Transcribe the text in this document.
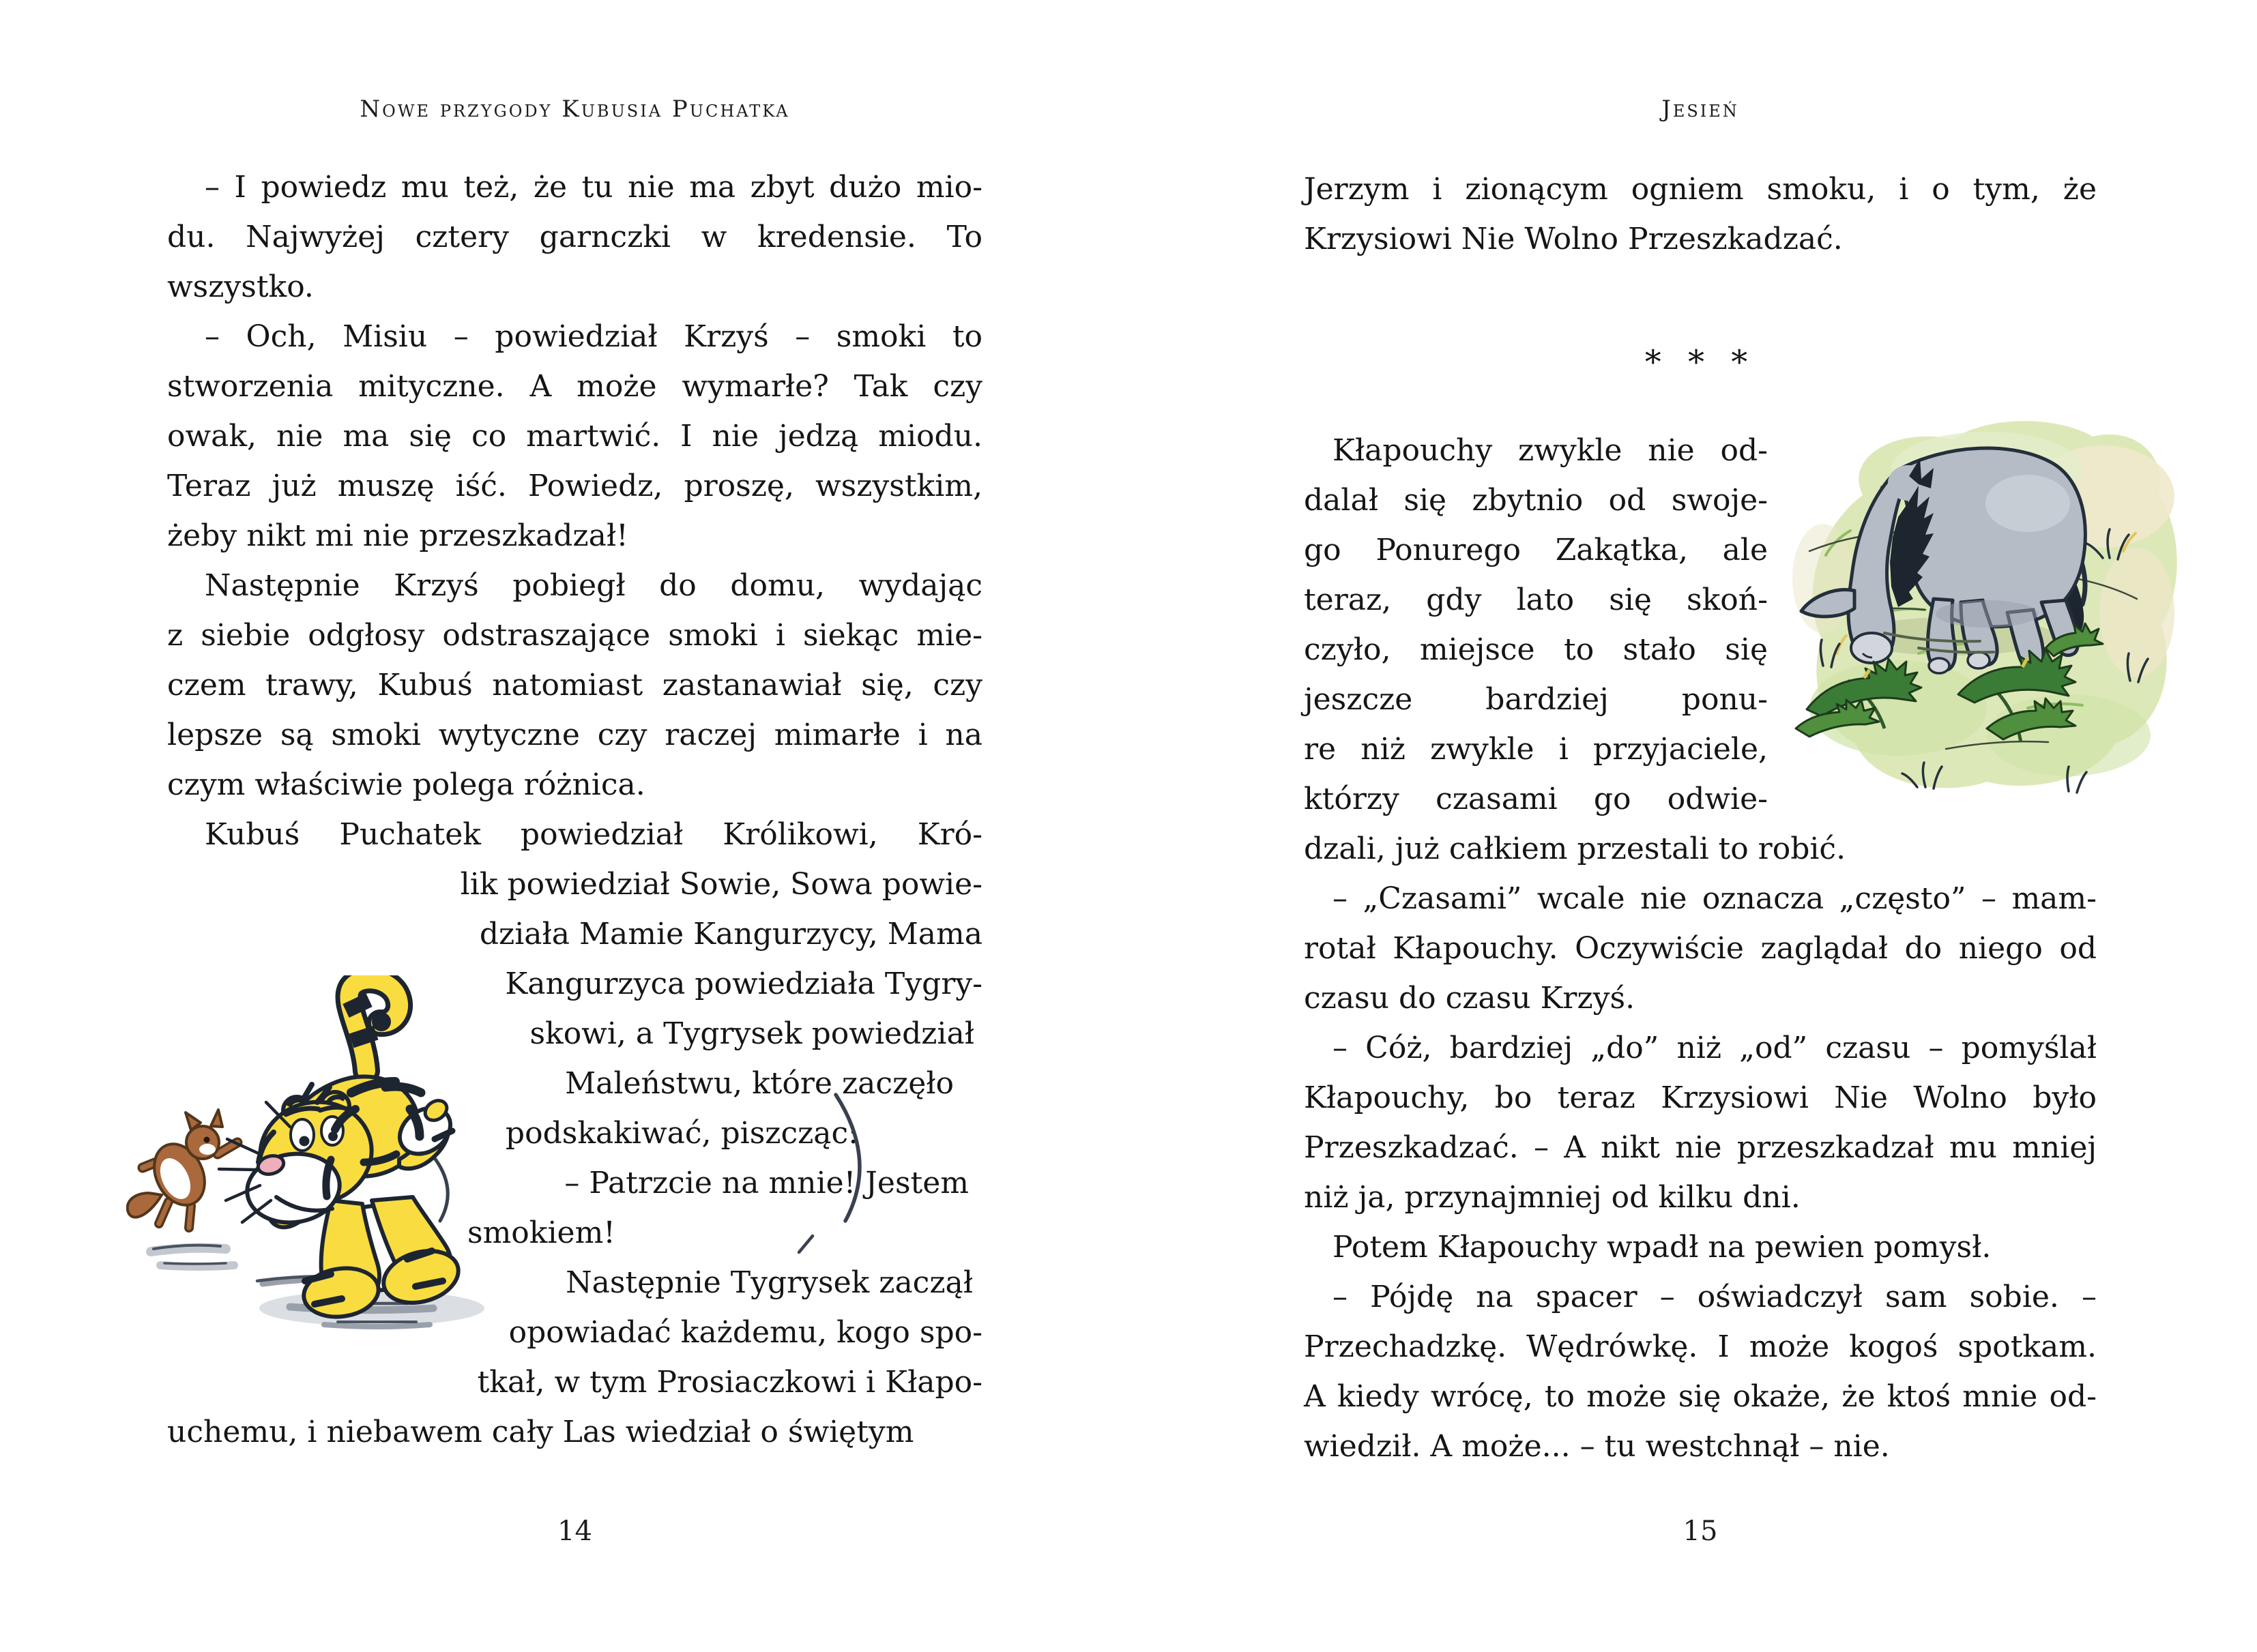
Nowe przygody Kubusia Puchatka
– I powiedz mu też, że tu nie ma zbyt dużo mio-
du. Najwyżej cztery garnczki w kredensie. To
wszystko.
– Och, Misiu – powiedział Krzyś – smoki to
stworzenia mityczne. A może wymarłe? Tak czy
owak, nie ma się co martwić. I nie jedzą miodu.
Teraz już muszę iść. Powiedz, proszę, wszystkim,
żeby nikt mi nie przeszkadzał!
Następnie Krzyś pobiegł do domu, wydając
z siebie odgłosy odstraszające smoki i siekąc mie-
czem trawy, Kubuś natomiast zastanawiał się, czy
lepsze są smoki wytyczne czy raczej mimarłe i na
czym właściwie polega różnica.
Kubuś Puchatek powiedział Królikowi, Kró-
lik powiedział Sowie, Sowa powie-
działa Mamie Kangurzycy, Mama
Kangurzyca powiedziała Tygry-
skowi, a Tygrysek powiedział
Maleństwu, które zaczęło
podskakiwać, piszcząc:
– Patrzcie na mnie! Jestem
smokiem!
Następnie Tygrysek zaczął
opowiadać każdemu, kogo spo-
tkał, w tym Prosiaczkowi i Kłapo-
uchemu, i niebawem cały Las wiedział o świętym
14
Jesień
Jerzym i zionącym ogniem smoku, i o tym, że
Krzysiowi Nie Wolno Przeszkadzać.
* * *
Kłapouchy zwykle nie od-
dalał się zbytnio od swoje-
go Ponurego Zakątka, ale
teraz, gdy lato się skoń-
czyło, miejsce to stało się
jeszcze bardziej ponu-
re niż zwykle i przyjaciele,
którzy czasami go odwie-
dzali, już całkiem przestali to robić.
– „Czasami” wcale nie oznacza „często” – mam-
rotał Kłapouchy. Oczywiście zaglądał do niego od
czasu do czasu Krzyś.
– Cóż, bardziej „do” niż „od” czasu – pomyślał
Kłapouchy, bo teraz Krzysiowi Nie Wolno było
Przeszkadzać. – A nikt nie przeszkadzał mu mniej
niż ja, przynajmniej od kilku dni.
Potem Kłapouchy wpadł na pewien pomysł.
– Pójdę na spacer – oświadczył sam sobie. –
Przechadzkę. Wędrówkę. I może kogoś spotkam.
A kiedy wrócę, to może się okaże, że ktoś mnie od-
wiedził. A może... – tu westchnął – nie.
15
